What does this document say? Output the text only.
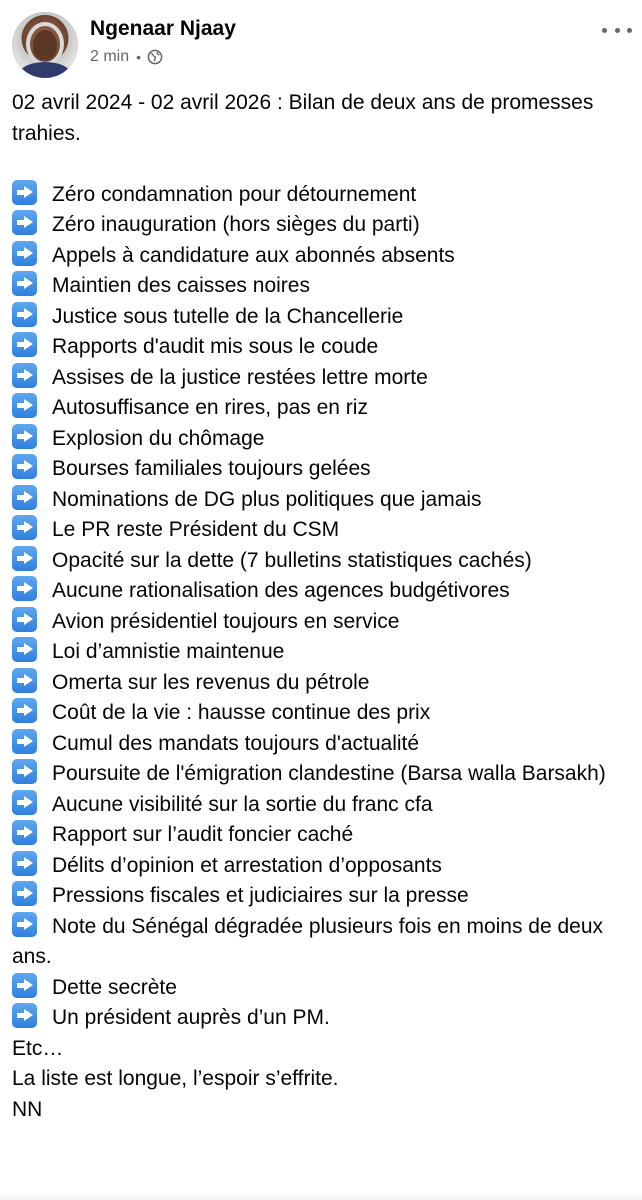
Ngenaar Njaay
2 min •

02 avril 2024 - 02 avril 2026 : Bilan de deux ans de promesses trahies.

Zéro condamnation pour détournement
Zéro inauguration (hors sièges du parti)
Appels à candidature aux abonnés absents
Maintien des caisses noires
Justice sous tutelle de la Chancellerie
Rapports d'audit mis sous le coude
Assises de la justice restées lettre morte
Autosuffisance en rires, pas en riz
Explosion du chômage
Bourses familiales toujours gelées
Nominations de DG plus politiques que jamais
Le PR reste Président du CSM
Opacité sur la dette (7 bulletins statistiques cachés)
Aucune rationalisation des agences budgétivores
Avion présidentiel toujours en service
Loi d’amnistie maintenue
Omerta sur les revenus du pétrole
Coût de la vie : hausse continue des prix
Cumul des mandats toujours d'actualité
Poursuite de l'émigration clandestine (Barsa walla Barsakh)
Aucune visibilité sur la sortie du franc cfa
Rapport sur l’audit foncier caché
Délits d’opinion et arrestation d’opposants
Pressions fiscales et judiciaires sur la presse
Note du Sénégal dégradée plusieurs fois en moins de deux ans.
Dette secrète
Un président auprès d’un PM.

Etc…

La liste est longue, l’espoir s’effrite.

NN
